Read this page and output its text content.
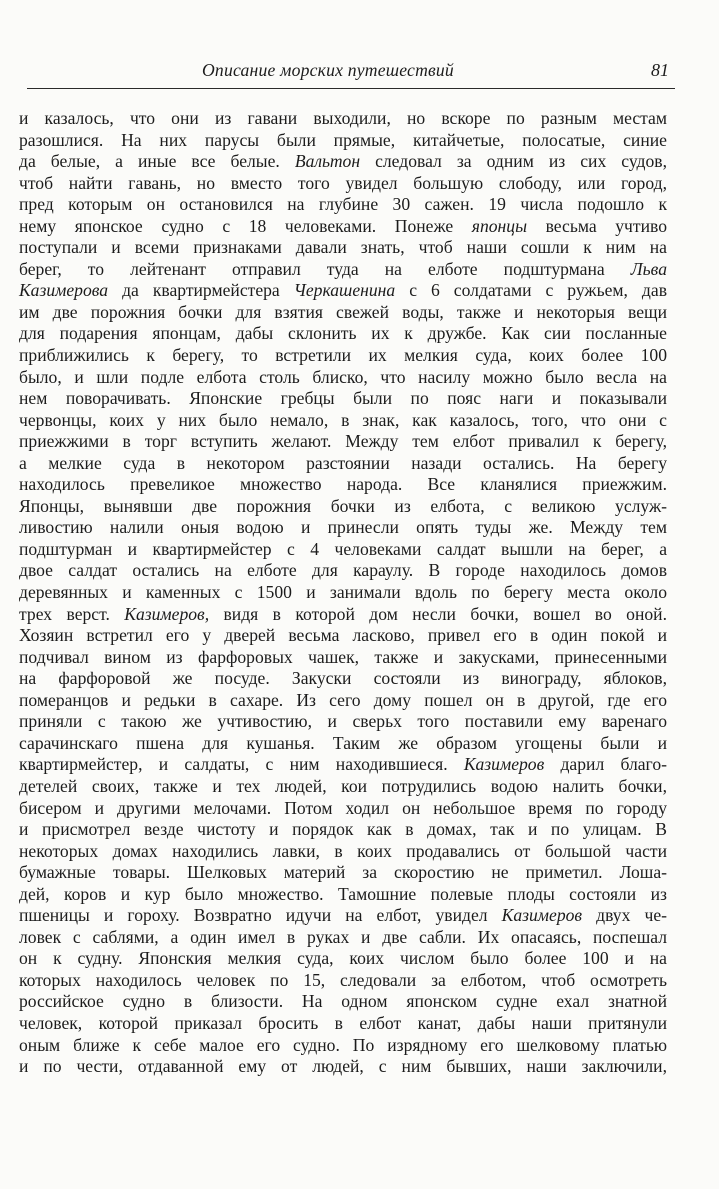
Описание морских путешествий	81
и казалось, что они из гавани выходили, но вскоре по разным местам
разошлися. На них парусы были прямые, китайчетые, полосатые, синие
да белые, а иные все белые. Вальтон следовал за одним из сих судов,
чтоб найти гавань, но вместо того увидел большую слободу, или город,
пред которым он остановился на глубине 30 сажен. 19 числа подошло к
нему японское судно с 18 человеками. Понеже японцы весьма учтиво
поступали и всеми признаками давали знать, чтоб наши сошли к ним на
берег, то лейтенант отправил туда на елботе подштурмана Льва
Казимерова да квартирмейстера Черкашенина с 6 солдатами с ружьем, дав
им две порожния бочки для взятия свежей воды, также и некоторыя вещи
для подарения японцам, дабы склонить их к дружбе. Как сии посланные
приближились к берегу, то встретили их мелкия суда, коих более 100
было, и шли подле елбота столь блиско, что насилу можно было весла на
нем поворачивать. Японские гребцы были по пояс наги и показывали
червонцы, коих у них было немало, в знак, как казалось, того, что они с
приежжими в торг вступить желают. Между тем елбот привалил к берегу,
а мелкие суда в некотором разстоянии назади остались. На берегу
находилось превеликое множество народа. Все кланялися приежжим.
Японцы, вынявши две порожния бочки из елбота, с великою услуж-
ливостию налили оныя водою и принесли опять туды же. Между тем
подштурман и квартирмейстер с 4 человеками салдат вышли на берег, а
двое салдат остались на елботе для караулу. В городе находилось домов
деревянных и каменных с 1500 и занимали вдоль по берегу места около
трех верст. Казимеров, видя в которой дом несли бочки, вошел во оной.
Хозяин встретил его у дверей весьма ласково, привел его в один покой и
подчивал вином из фарфоровых чашек, также и закусками, принесенными
на фарфоровой же посуде. Закуски состояли из винограду, яблоков,
померанцов и редьки в сахаре. Из сего дому пошел он в другой, где его
приняли с такою же учтивостию, и сверьх того поставили ему варенаго
сарачинскаго пшена для кушанья. Таким же образом угощены были и
квартирмейстер, и салдаты, с ним находившиеся. Казимеров дарил благо-
детелей своих, также и тех людей, кои потрудились водою налить бочки,
бисером и другими мелочами. Потом ходил он небольшое время по городу
и присмотрел везде чистоту и порядок как в домах, так и по улицам. В
некоторых домах находились лавки, в коих продавались от большой части
бумажные товары. Шелковых материй за скоростию не приметил. Лоша-
дей, коров и кур было множество. Тамошние полевые плоды состояли из
пшеницы и гороху. Возвратно идучи на елбот, увидел Казимеров двух че-
ловек с саблями, а один имел в руках и две сабли. Их опасаясь, поспешал
он к судну. Японския мелкия суда, коих числом было более 100 и на
которых находилось человек по 15, следовали за елботом, чтоб осмотреть
российское судно в близости. На одном японском судне ехал знатной
человек, которой приказал бросить в елбот канат, дабы наши притянули
оным ближе к себе малое его судно. По изрядному его шелковому платью
и по чести, отдаванной ему от людей, с ним бывших, наши заключили,
